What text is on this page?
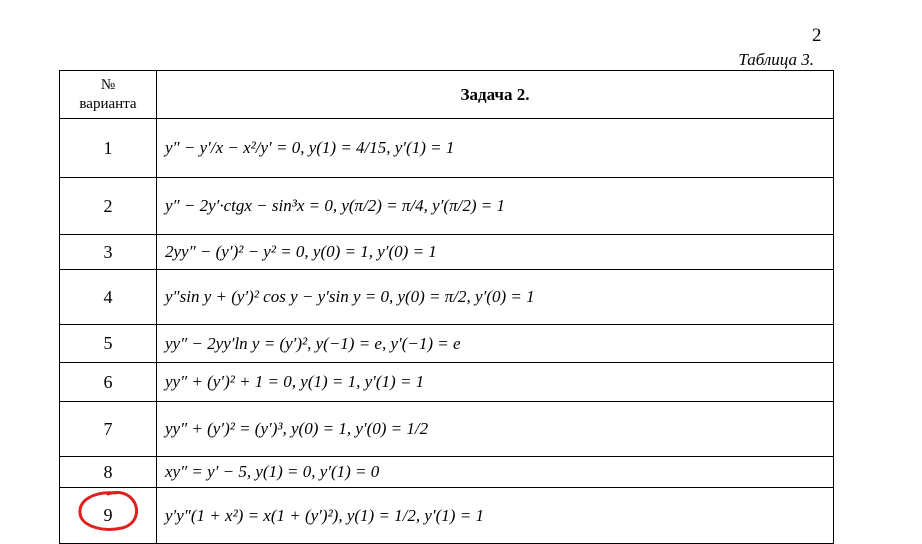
2
Таблица 3.
№
варианта	Задача 2.
1	y″ − y′/x − x²/y′ = 0, y(1) = 4/15, y′(1) = 1
2	y″ − 2y′·ctgx − sin³x = 0, y(π/2) = π/4, y′(π/2) = 1
3	2yy″ − (y′)² − y² = 0, y(0) = 1, y′(0) = 1
4	y″sin y + (y′)² cos y − y′sin y = 0, y(0) = π/2, y′(0) = 1
5	yy″ − 2yy′ln y = (y′)², y(−1) = e, y′(−1) = e
6	yy″ + (y′)² + 1 = 0, y(1) = 1, y′(1) = 1
7	yy″ + (y′)² = (y′)³, y(0) = 1, y′(0) = 1/2
8	xy″ = y′ − 5, y(1) = 0, y′(1) = 0
9	y′y″(1 + x²) = x(1 + (y′)²), y(1) = 1/2, y′(1) = 1
